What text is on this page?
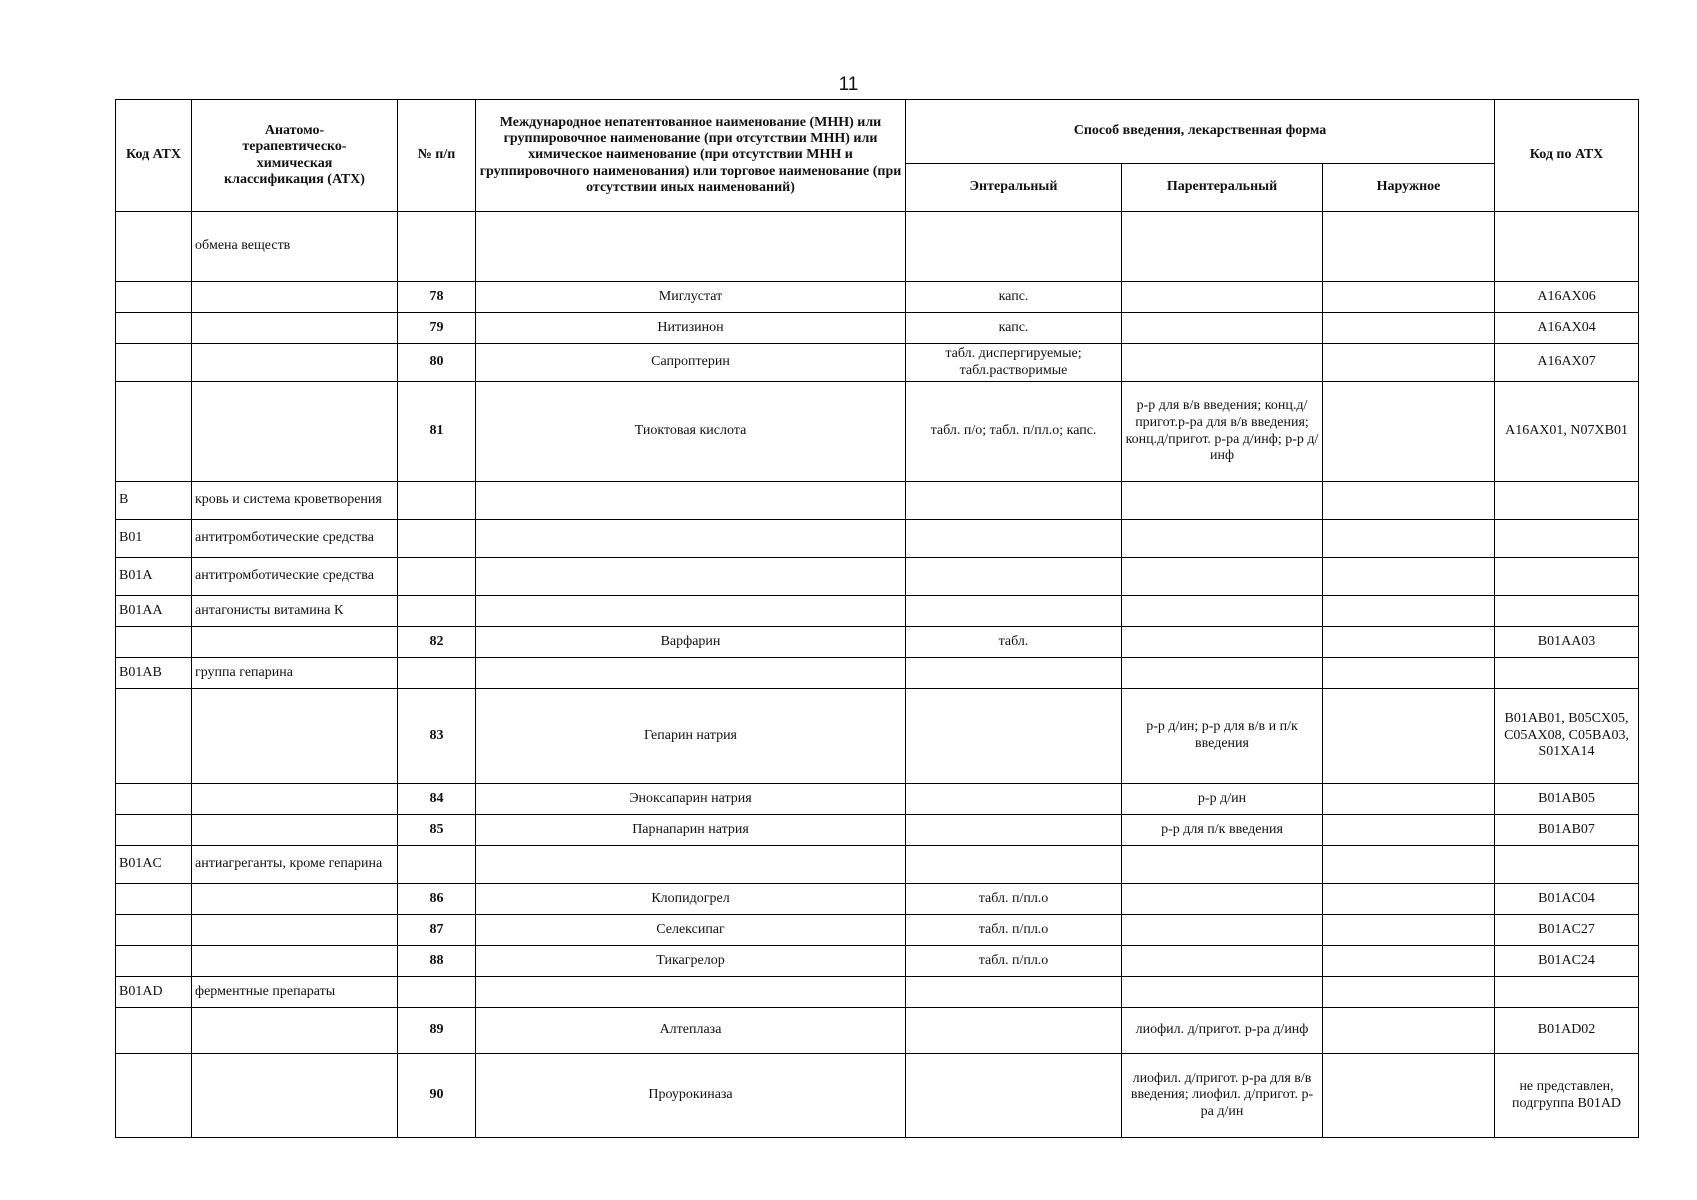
11
Код АТХ	Анатомо-терапевтическо-химическая классификация (АТХ)	№ п/п	Международное непатентованное наименование (МНН) или группировочное наименование (при отсутствии МНН) или химическое наименование (при отсутствии МНН и группировочного наименования) или торговое наименование (при отсутствии иных наименований)	Способ введения, лекарственная форма			Код по АТХ
				Энтеральный	Парентеральный	Наружное	
	обмена веществ						
		78	Миглустат	капс.			A16AX06
		79	Нитизинон	капс.			A16AX04
		80	Сапроптерин	табл. диспергируемые; табл.растворимые			A16AX07
		81	Тиоктовая кислота	табл. п/о; табл. п/пл.о; капс.	р-р для в/в введения; конц.д/пригот.р-ра для в/в введения; конц.д/пригот. р-ра д/инф; р-р д/инф		A16AX01, N07XB01
B	кровь и система кроветворения						
B01	антитромботические средства						
B01A	антитромботические средства						
B01AA	антагонисты витамина К						
		82	Варфарин	табл.			B01AA03
B01AB	группа гепарина						
		83	Гепарин натрия		р-р д/ин; р-р для в/в и п/к введения		B01AB01, B05CX05, C05AX08, C05BA03, S01XA14
		84	Эноксапарин натрия		р-р д/ин		B01AB05
		85	Парнапарин натрия		р-р для п/к введения		B01AB07
B01AC	антиагреганты, кроме гепарина						
		86	Клопидогрел	табл. п/пл.о			B01AC04
		87	Селексипаг	табл. п/пл.о			B01AC27
		88	Тикагрелор	табл. п/пл.о			B01AC24
B01AD	ферментные препараты						
		89	Алтеплаза		лиофил. д/пригот. р-ра д/инф		B01AD02
		90	Проурокиназа		лиофил. д/пригот. р-ра для в/в введения; лиофил. д/пригот. р-ра д/ин		не представлен, подгруппа B01AD
